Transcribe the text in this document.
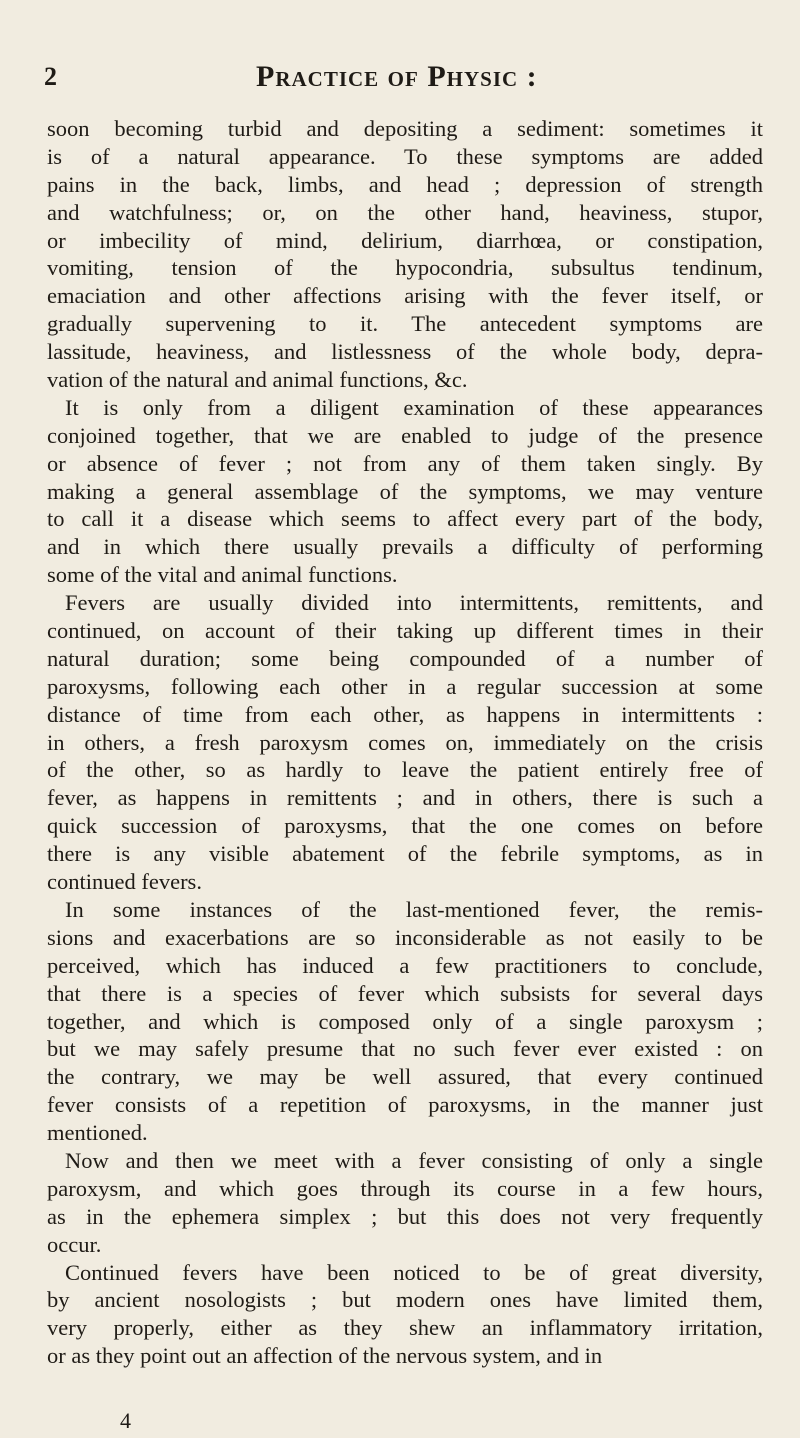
2	Practice of Physic :
soon becoming turbid and depositing a sediment: sometimes it
is of a natural appearance. To these symptoms are added
pains in the back, limbs, and head ; depression of strength
and watchfulness; or, on the other hand, heaviness, stupor,
or imbecility of mind, delirium, diarrhœa, or constipation,
vomiting, tension of the hypocondria, subsultus tendinum,
emaciation and other affections arising with the fever itself, or
gradually supervening to it. The antecedent symptoms are
lassitude, heaviness, and listlessness of the whole body, depra-
vation of the natural and animal functions, &c.
It is only from a diligent examination of these appearances
conjoined together, that we are enabled to judge of the presence
or absence of fever ; not from any of them taken singly. By
making a general assemblage of the symptoms, we may venture
to call it a disease which seems to affect every part of the body,
and in which there usually prevails a difficulty of performing
some of the vital and animal functions.
Fevers are usually divided into intermittents, remittents, and
continued, on account of their taking up different times in their
natural duration; some being compounded of a number of
paroxysms, following each other in a regular succession at some
distance of time from each other, as happens in intermittents :
in others, a fresh paroxysm comes on, immediately on the crisis
of the other, so as hardly to leave the patient entirely free of
fever, as happens in remittents ; and in others, there is such a
quick succession of paroxysms, that the one comes on before
there is any visible abatement of the febrile symptoms, as in
continued fevers.
In some instances of the last-mentioned fever, the remis-
sions and exacerbations are so inconsiderable as not easily to be
perceived, which has induced a few practitioners to conclude,
that there is a species of fever which subsists for several days
together, and which is composed only of a single paroxysm ;
but we may safely presume that no such fever ever existed : on
the contrary, we may be well assured, that every continued
fever consists of a repetition of paroxysms, in the manner just
mentioned.
Now and then we meet with a fever consisting of only a single
paroxysm, and which goes through its course in a few hours,
as in the ephemera simplex ; but this does not very frequently
occur.
Continued fevers have been noticed to be of great diversity,
by ancient nosologists ; but modern ones have limited them,
very properly, either as they shew an inflammatory irritation,
or as they point out an affection of the nervous system, and in
4
